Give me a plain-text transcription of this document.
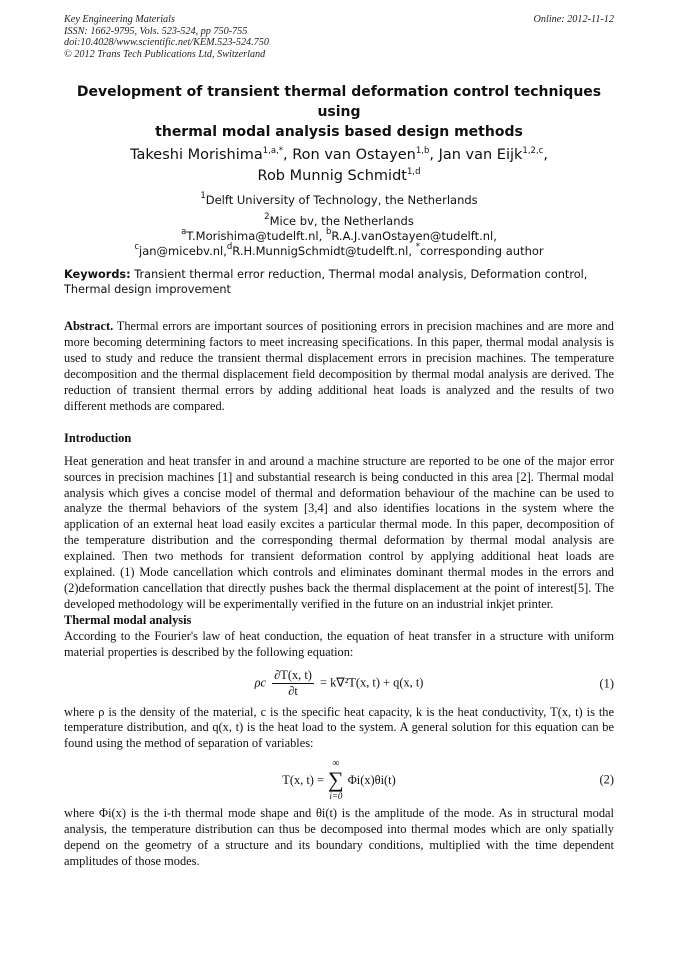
Key Engineering Materials	Online: 2012-11-12
ISSN: 1662-9795, Vols. 523-524, pp 750-755
doi:10.4028/www.scientific.net/KEM.523-524.750
© 2012 Trans Tech Publications Ltd, Switzerland
Development of transient thermal deformation control techniques using
thermal modal analysis based design methods
Takeshi Morishima$^{1,a,*}$, Ron van Ostayen$^{1,b}$, Jan van Eijk$^{1,2,c}$,
Rob Munnig Schmidt$^{1,d}$
$^1$Delft University of Technology, the Netherlands
$^2$Mice bv, the Netherlands
$^a$T.Morishima@tudelft.nl, $^b$R.A.J.vanOstayen@tudelft.nl,
$^c$jan@micebv.nl,$^d$R.H.MunnigSchmidt@tudelft.nl, *corresponding author
Keywords: Transient thermal error reduction, Thermal modal analysis, Deformation control, Thermal design improvement
Abstract. Thermal errors are important sources of positioning errors in precision machines and are more and more becoming determining factors to meet increasing specifications. In this paper, thermal modal analysis is used to study and reduce the transient thermal displacement errors in precision machines. The temperature decomposition and the thermal displacement field decomposition by thermal modal analysis are derived. The reduction of transient thermal errors by adding additional heat loads is analyzed and the results of two different methods are compared.
Introduction
Heat generation and heat transfer in and around a machine structure are reported to be one of the major error sources in precision machines [1] and substantial research is being conducted in this area [2]. Thermal modal analysis which gives a concise model of thermal and deformation behaviour of the machine can be used to analyze the thermal behaviors of the system [3,4] and also identifies locations in the system where the application of an external heat load easily excites a particular thermal mode. In this paper, decomposition of the temperature distribution and the corresponding thermal deformation by thermal modal analysis are explained. Then two methods for transient deformation control by applying additional heat loads are explained. (1) Mode cancellation which controls and eliminates dominant thermal modes in the errors and (2)deformation cancellation that directly pushes back the thermal displacement at the point of interest[5]. The developed methodology will be experimentally verified in the future on an industrial inkjet printer.
Thermal modal analysis
According to the Fourier's law of heat conduction, the equation of heat transfer in a structure with uniform material properties is described by the following equation:
ρc $\frac{\partial T(x, t)}{\partial t} = k\nabla^2T(x$, t) + q(x, t)	(1)
where ρ is the density of the material, c is the specific heat capacity, k is the heat conductivity, T(x, t) is the temperature distribution, and q(x, t) is the heat load to the system. A general solution for this equation can be found using the method of separation of variables:
T(x, t) =
∞
∑
i=0
Φi(x)θi(t)	(2)
where Φi(x) is the i-th thermal mode shape and θi(t) is the amplitude of the mode. As in structural modal analysis, the temperature distribution can thus be decomposed into thermal modes which are only spatially depend on the geometry of a structure and its boundary conditions, multiplied with the time dependent amplitudes of those modes.
